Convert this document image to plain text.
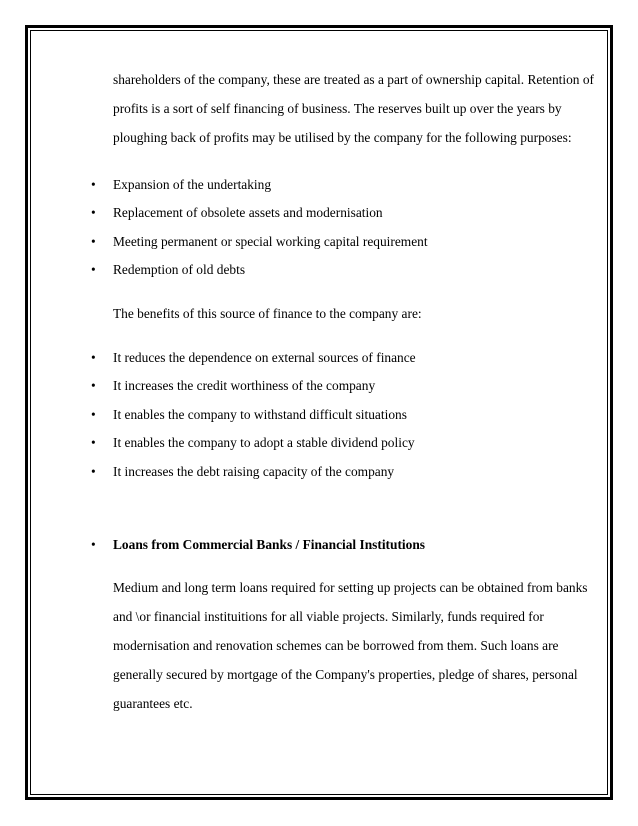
shareholders of the company, these are treated as a part of ownership capital. Retention of
profits is a sort of self financing of business. The reserves built up over the years by
ploughing back of profits may be utilised by the company for the following purposes:
• Expansion of the undertaking
• Replacement of obsolete assets and modernisation
• Meeting permanent or special working capital requirement
• Redemption of old debts
The benefits of this source of finance to the company are:
• It reduces the dependence on external sources of finance
• It increases the credit worthiness of the company
• It enables the company to withstand difficult situations
• It enables the company to adopt a stable dividend policy
• It increases the debt raising capacity of the company
• Loans from Commercial Banks / Financial Institutions
Medium and long term loans required for setting up projects can be obtained from banks
and \or financial instituitions for all viable projects. Similarly, funds required for
modernisation and renovation schemes can be borrowed from them. Such loans are
generally secured by mortgage of the Company's properties, pledge of shares, personal
guarantees etc.
